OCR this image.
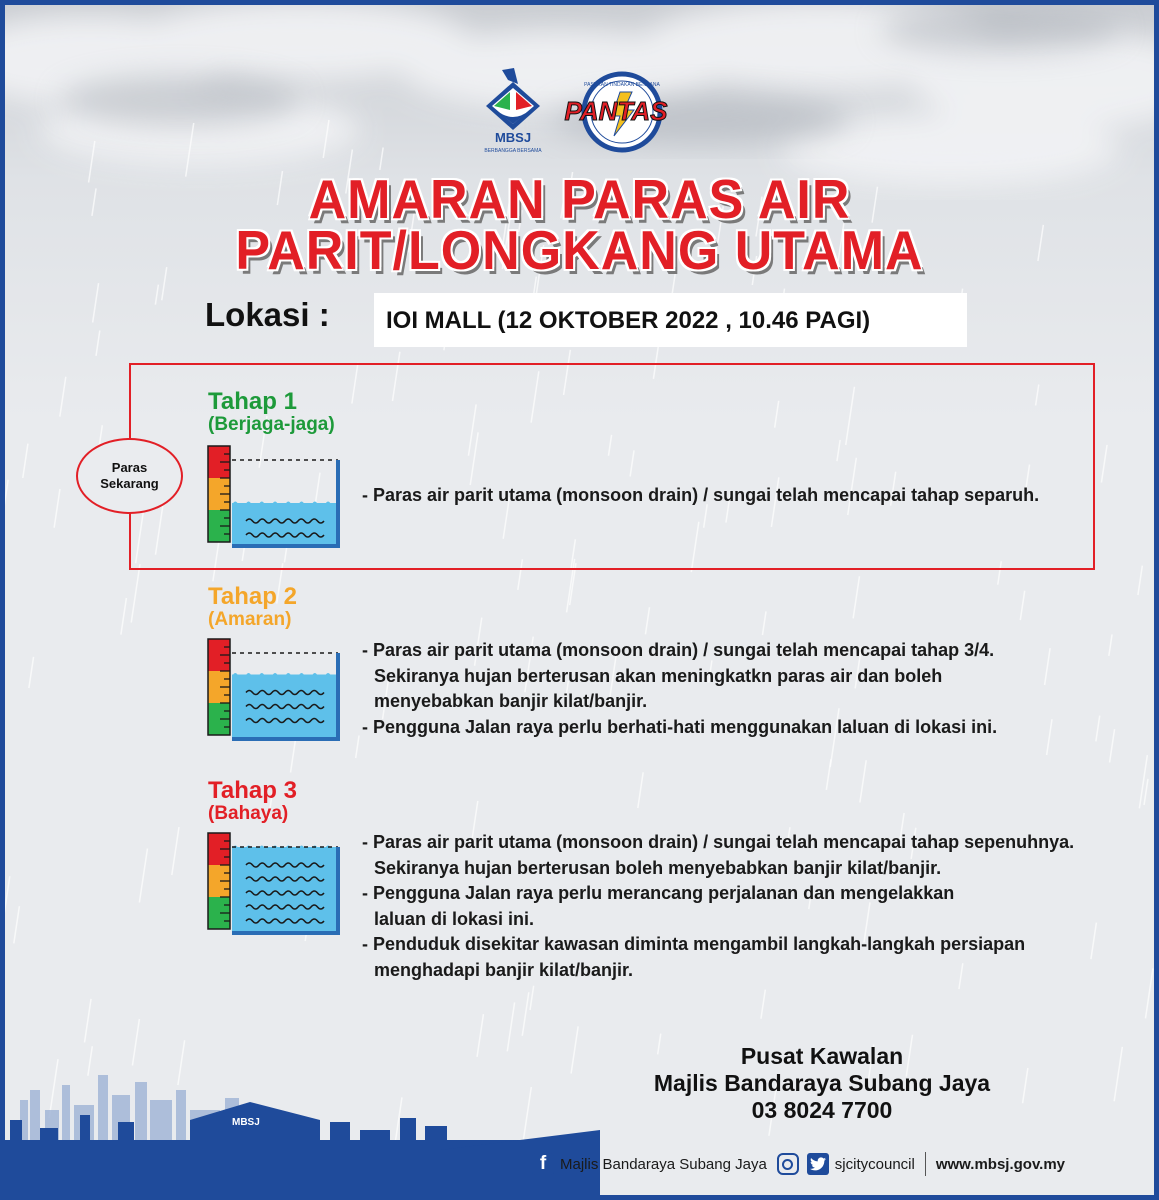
MBSJ
BERBANGGA BERSAMA
PASUKAN TINDAKAN BENCANA
PANTAS
AMARAN PARAS AIR
PARIT/LONGKANG UTAMA
Lokasi : IOI MALL (12 OKTOBER 2022 , 10.46 PAGI)
Paras
Sekarang
Tahap 1
(Berjaga-jaga)
- Paras air parit utama (monsoon drain) / sungai telah mencapai tahap separuh.
Tahap 2
(Amaran)
- Paras air parit utama (monsoon drain) / sungai telah mencapai tahap 3/4.
Sekiranya hujan berterusan akan meningkatkn paras air dan boleh
menyebabkan banjir kilat/banjir.
- Pengguna Jalan raya perlu berhati-hati menggunakan laluan di lokasi ini.
Tahap 3
(Bahaya)
- Paras air parit utama (monsoon drain) / sungai telah mencapai tahap sepenuhnya.
Sekiranya hujan berterusan boleh menyebabkan banjir kilat/banjir.
- Pengguna Jalan raya perlu merancang perjalanan dan mengelakkan
laluan di lokasi ini.
- Penduduk disekitar kawasan diminta mengambil langkah-langkah persiapan
menghadapi banjir kilat/banjir.
Pusat Kawalan
Majlis Bandaraya Subang Jaya
03 8024 7700
MBSJ
f Majlis Bandaraya Subang Jaya	sjcitycouncil www.mbsj.gov.my
